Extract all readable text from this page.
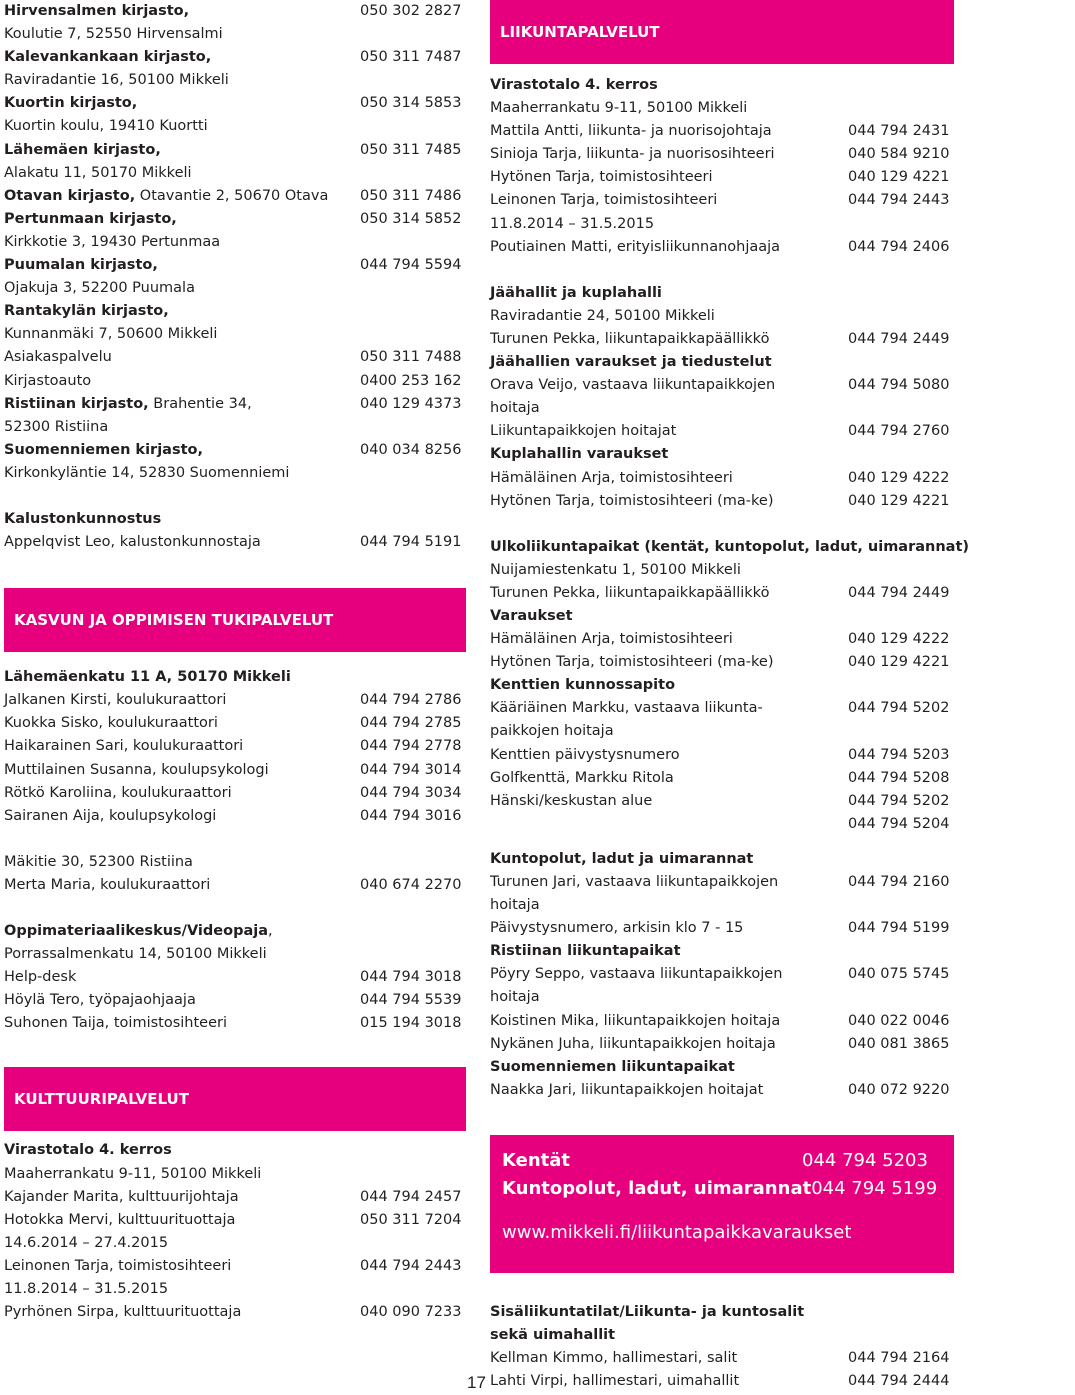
Hirvensalmen kirjasto,	050 302 2827
Koulutie 7, 52550 Hirvensalmi
Kalevankankaan kirjasto,	050 311 7487
Raviradantie 16, 50100 Mikkeli
Kuortin kirjasto,	050 314 5853
Kuortin koulu, 19410 Kuortti
Lähemäen kirjasto,	050 311 7485
Alakatu 11, 50170 Mikkeli
Otavan kirjasto, Otavantie 2, 50670 Otava	050 311 7486
Pertunmaan kirjasto,	050 314 5852
Kirkkotie 3, 19430 Pertunmaa
Puumalan kirjasto,	044 794 5594
Ojakuja 3, 52200 Puumala
Rantakylän kirjasto,
Kunnanmäki 7, 50600 Mikkeli
Asiakaspalvelu	050 311 7488
Kirjastoauto	0400 253 162
Ristiinan kirjasto, Brahentie 34,	040 129 4373
52300 Ristiina
Suomenniemen kirjasto,	040 034 8256
Kirkonkyläntie 14, 52830 Suomenniemi
Kalustonkunnostus
Appelqvist Leo, kalustonkunnostaja	044 794 5191
KASVUN JA OPPIMISEN TUKIPALVELUT
Lähemäenkatu 11 A, 50170 Mikkeli
Jalkanen Kirsti, koulukuraattori	044 794 2786
Kuokka Sisko, koulukuraattori	044 794 2785
Haikarainen Sari, koulukuraattori	044 794 2778
Muttilainen Susanna, koulupsykologi	044 794 3014
Rötkö Karoliina, koulukuraattori	044 794 3034
Sairanen Aija, koulupsykologi	044 794 3016
Mäkitie 30, 52300 Ristiina
Merta Maria, koulukuraattori	040 674 2270
Oppimateriaalikeskus/Videopaja,
Porrassalmenkatu 14, 50100 Mikkeli
Help-desk	044 794 3018
Höylä Tero, työpajaohjaaja	044 794 5539
Suhonen Taija, toimistosihteeri	015 194 3018
KULTTUURIPALVELUT
Virastotalo 4. kerros
Maaherrankatu 9-11, 50100 Mikkeli
Kajander Marita, kulttuurijohtaja	044 794 2457
Hotokka Mervi, kulttuurituottaja	050 311 7204
14.6.2014 – 27.4.2015
Leinonen Tarja, toimistosihteeri	044 794 2443
11.8.2014 – 31.5.2015
Pyrhönen Sirpa, kulttuurituottaja	040 090 7233
LIIKUNTAPALVELUT
Virastotalo 4. kerros
Maaherrankatu 9-11, 50100 Mikkeli
Mattila Antti, liikunta- ja nuorisojohtaja	044 794 2431
Sinioja Tarja, liikunta- ja nuorisosihteeri	040 584 9210
Hytönen Tarja, toimistosihteeri	040 129 4221
Leinonen Tarja, toimistosihteeri	044 794 2443
11.8.2014 – 31.5.2015
Poutiainen Matti, erityisliikunnanohjaaja	044 794 2406
Jäähallit ja kuplahalli
Raviradantie 24, 50100 Mikkeli
Turunen Pekka, liikuntapaikkapäällikkö	044 794 2449
Jäähallien varaukset ja tiedustelut
Orava Veijo, vastaava liikuntapaikkojen	044 794 5080
hoitaja
Liikuntapaikkojen hoitajat	044 794 2760
Kuplahallin varaukset
Hämäläinen Arja, toimistosihteeri	040 129 4222
Hytönen Tarja, toimistosihteeri (ma-ke)	040 129 4221
Ulkoliikuntapaikat (kentät, kuntopolut, ladut, uimarannat)
Nuijamiestenkatu 1, 50100 Mikkeli
Turunen Pekka, liikuntapaikkapäällikkö	044 794 2449
Varaukset
Hämäläinen Arja, toimistosihteeri	040 129 4222
Hytönen Tarja, toimistosihteeri (ma-ke)	040 129 4221
Kenttien kunnossapito
Kääriäinen Markku, vastaava liikunta-	044 794 5202
paikkojen hoitaja
Kenttien päivystysnumero	044 794 5203
Golfkenttä, Markku Ritola	044 794 5208
Hänski/keskustan alue	044 794 5202
044 794 5204
Kuntopolut, ladut ja uimarannat
Turunen Jari, vastaava liikuntapaikkojen	044 794 2160
hoitaja
Päivystysnumero, arkisin klo 7 - 15	044 794 5199
Ristiinan liikuntapaikat
Pöyry Seppo, vastaava liikuntapaikkojen	040 075 5745
hoitaja
Koistinen Mika, liikuntapaikkojen hoitaja	040 022 0046
Nykänen Juha, liikuntapaikkojen hoitaja	040 081 3865
Suomenniemen liikuntapaikat
Naakka Jari, liikuntapaikkojen hoitajat	040 072 9220
Kentät	044 794 5203
Kuntopolut, ladut, uimarannat 044 794 5199
www.mikkeli.fi/liikuntapaikkavaraukset
Sisäliikuntatilat/Liikunta- ja kuntosalit
sekä uimahallit
Kellman Kimmo, hallimestari, salit	044 794 2164
Lahti Virpi, hallimestari, uimahallit	044 794 2444
17
